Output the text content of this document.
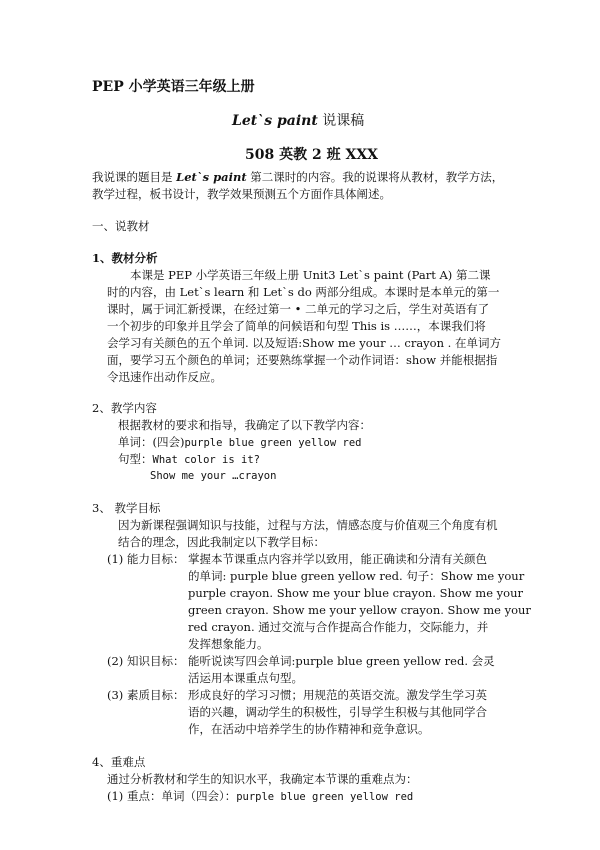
PEP 小学英语三年级上册
Let`s paint 说课稿
508 英教 2 班 XXX
我说课的题目是 Let`s paint 第二课时的内容。我的说课将从教材，教学方法，
教学过程，板书设计，教学效果预测五个方面作具体阐述。
一、说教材
1、教材分析
本课是 PEP 小学英语三年级上册 Unit3 Let`s paint (Part A) 第二课
时的内容，由 Let`s learn 和 Let`s do 两部分组成。本课时是本单元的第一
课时，属于词汇新授课，在经过第一 • 二单元的学习之后，学生对英语有了
一个初步的印象并且学会了简单的问候语和句型 This is ……，本课我们将
会学习有关颜色的五个单词. 以及短语:Show me your … crayon . 在单词方
面，要学习五个颜色的单词；还要熟练掌握一个动作词语：show 并能根据指
令迅速作出动作反应。
2、教学内容
根据教材的要求和指导，我确定了以下教学内容：
单词：(四会)purple blue green yellow red
句型：What color is it?
Show me your …crayon
3、 教学目标
因为新课程强调知识与技能，过程与方法，情感态度与价值观三个角度有机
结合的理念，因此我制定以下教学目标：
(1) 能力目标： 掌握本节课重点内容并学以致用，能正确读和分清有关颜色
的单词: purple blue green yellow red. 句子：Show me your
purple crayon. Show me your blue crayon. Show me your
green crayon. Show me your yellow crayon. Show me your
red crayon. 通过交流与合作提高合作能力，交际能力，并
发挥想象能力。
(2) 知识目标： 能听说读写四会单词:purple blue green yellow red. 会灵
活运用本课重点句型。
(3) 素质目标： 形成良好的学习习惯；用规范的英语交流。激发学生学习英
语的兴趣，调动学生的积极性，引导学生积极与其他同学合
作，在活动中培养学生的协作精神和竞争意识。
4、重难点
通过分析教材和学生的知识水平，我确定本节课的重难点为：
(1) 重点：单词（四会）：purple blue green yellow red
